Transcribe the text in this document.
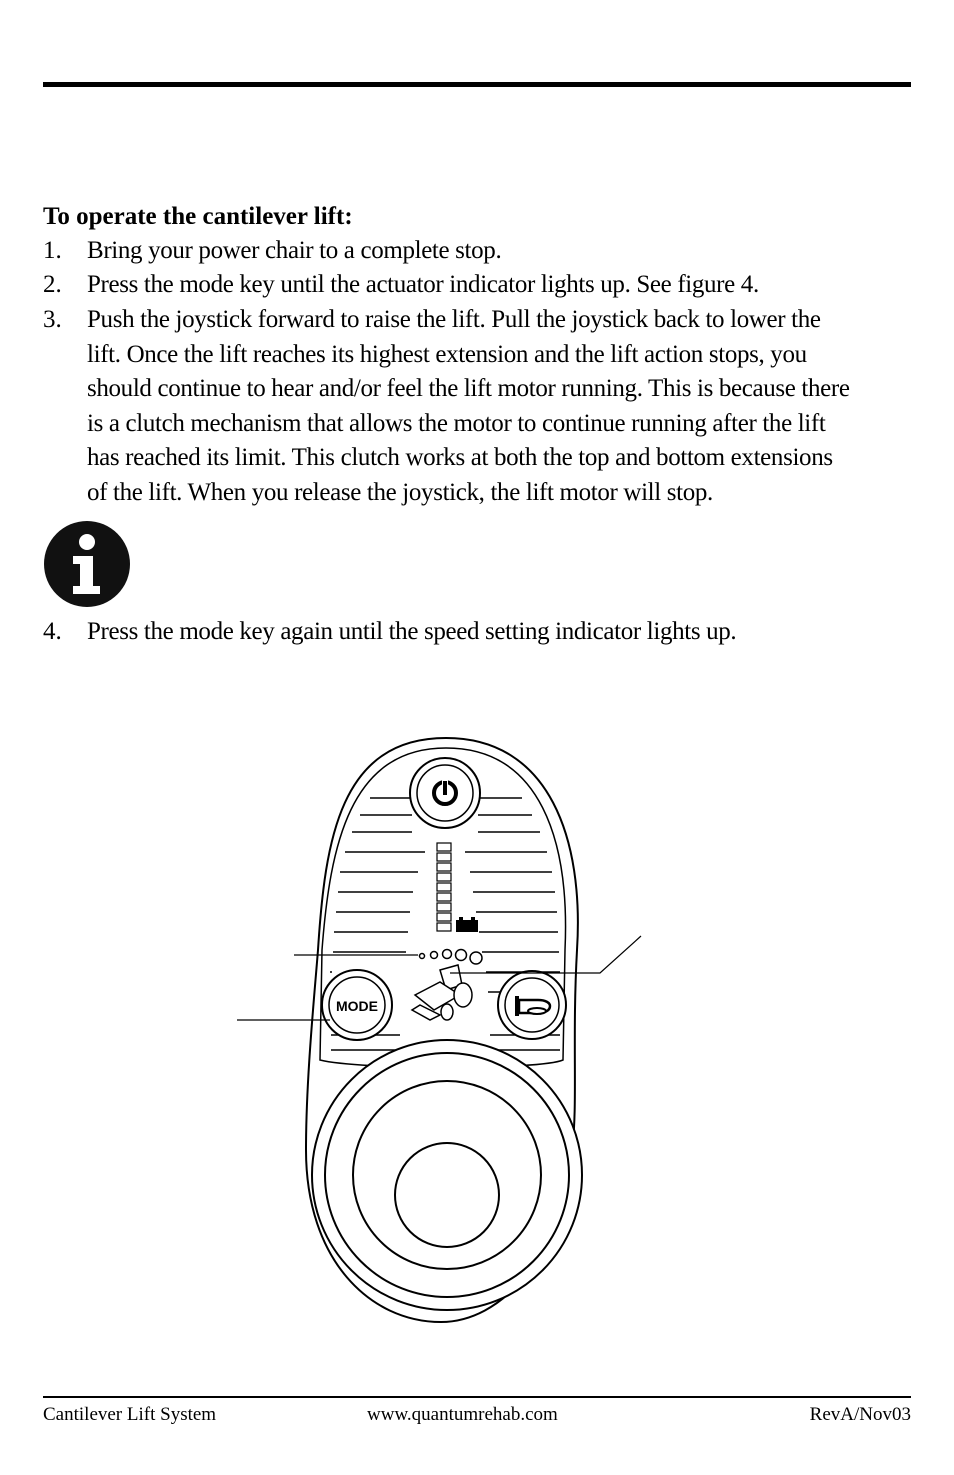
To operate the cantilever lift:
1. Bring your power chair to a complete stop.
2. Press the mode key until the actuator indicator lights up. See figure 4.
3. Push the joystick forward to raise the lift. Pull the joystick back to lower the
lift. Once the lift reaches its highest extension and the lift action stops, you
should continue to hear and/or feel the lift motor running. This is because there
is a clutch mechanism that allows the motor to continue running after the lift
has reached its limit. This clutch works at both the top and bottom extensions
of the lift. When you release the joystick, the lift motor will stop.
4. Press the mode key again until the speed setting indicator lights up.
MODE
Cantilever Lift System	www.quantumrehab.com	RevA/Nov03
